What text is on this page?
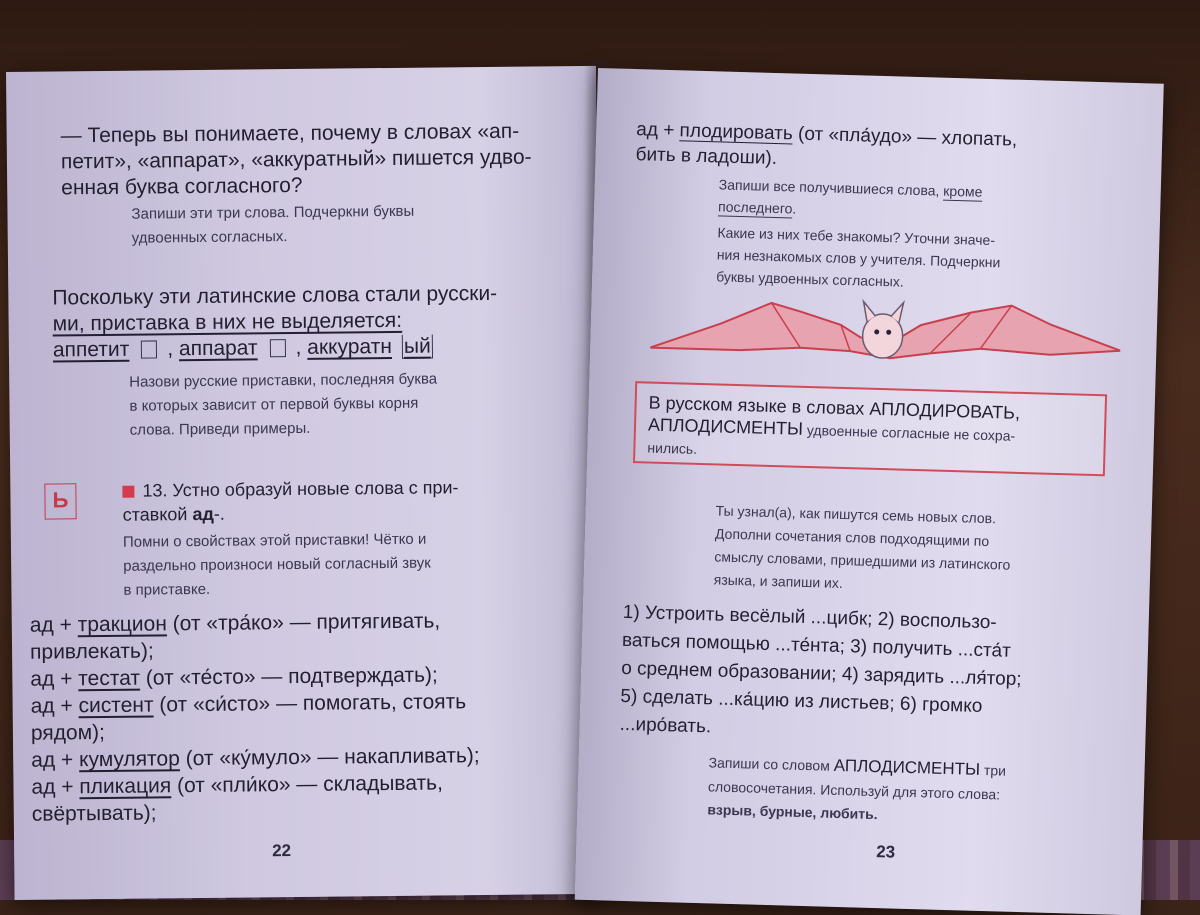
— Теперь вы понимаете, почему в словах «ап-
петит», «аппарат», «аккуратный» пишется удво-
енная буква согласного?
Запиши эти три слова. Подчеркни буквы
удвоенных согласных.
Поскольку эти латинские слова стали русски-
ми, приставка в них не выделяется:
аппетит , аппарат , аккуратн ый
Назови русские приставки, последняя буква
в которых зависит от первой буквы корня
слова. Приведи примеры.
Ь	13. Устно образуй новые слова с при-
ставкой ад-.
Помни о свойствах этой приставки! Чётко и
раздельно произноси новый согласный звук
в приставке.
ад + тракцион (от «тра́ко» — притягивать,
привлекать);
ад + тестат (от «те́сто» — подтверждать);
ад + систент (от «си́сто» — помогать, стоять
рядом);
ад + кумулятор (от «ку́муло» — накапливать);
ад + пликация (от «пли́ко» — складывать,
свёртывать);
22
ад + плодировать (от «пла́удо» — хлопать,
бить в ладоши).
Запиши все получившиеся слова, кроме
последнего.
Какие из них тебе знакомы? Уточни значе-
ния незнакомых слов у учителя. Подчеркни
буквы удвоенных согласных.
В русском языке в словах АПЛОДИРОВАТЬ,
АПЛОДИСМЕНТЫ удвоенные согласные не сохра-
нились.
Ты узнал(а), как пишутся семь новых слов.
Дополни сочетания слов подходящими по
смыслу словами, пришедшими из латинского
языка, и запиши их.
1) Устроить весёлый ...цибк; 2) воспользо-
ваться помощью ...те́нта; 3) получить ...ста́т
о среднем образовании; 4) зарядить ...ля́тор;
5) сделать ...ка́цию из листьев; 6) громко
...иро́вать.
Запиши со словом АПЛОДИСМЕНТЫ три
словосочетания. Используй для этого слова:
взрыв, бурные, любить.
23
